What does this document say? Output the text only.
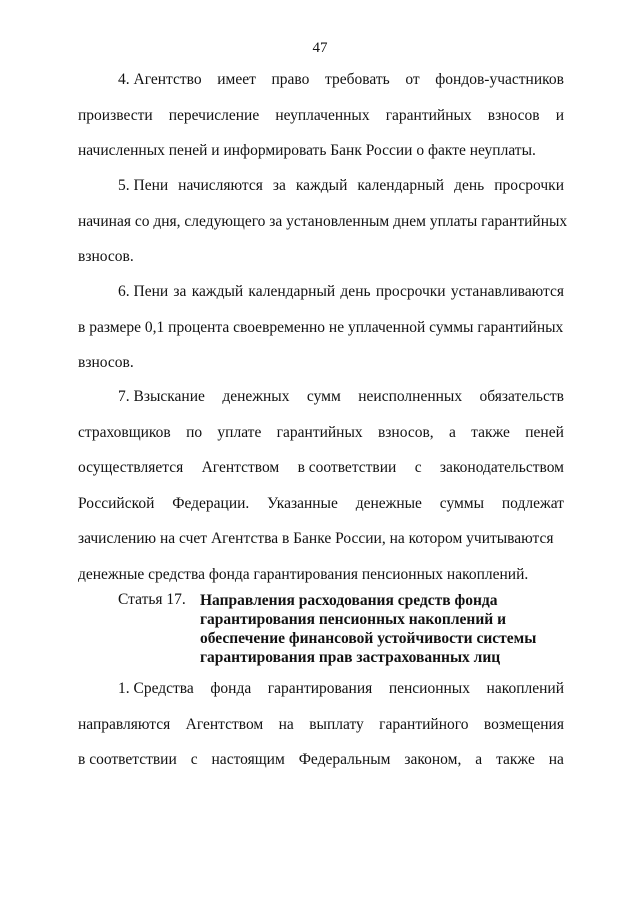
47
4. Агентство имеет право требовать от фондов-участников
произвести перечисление неуплаченных гарантийных взносов и
начисленных пеней и информировать Банк России о факте неуплаты.
5. Пени начисляются за каждый календарный день просрочки
начиная со дня, следующего за установленным днем уплаты гарантийных
взносов.
6. Пени за каждый календарный день просрочки устанавливаются
в размере 0,1 процента своевременно не уплаченной суммы гарантийных
взносов.
7. Взыскание денежных сумм неисполненных обязательств
страховщиков по уплате гарантийных взносов, а также пеней
осуществляется Агентством в соответствии с законодательством
Российской Федерации. Указанные денежные суммы подлежат
зачислению на счет Агентства в Банке России, на котором учитываются
денежные средства фонда гарантирования пенсионных накоплений.
1. Средства фонда гарантирования пенсионных накоплений
направляются Агентством на выплату гарантийного возмещения
в соответствии с настоящим Федеральным законом, а также на
Статья 17. Направления расходования средств фонда
гарантирования пенсионных накоплений и
обеспечение финансовой устойчивости системы
гарантирования прав застрахованных лиц
